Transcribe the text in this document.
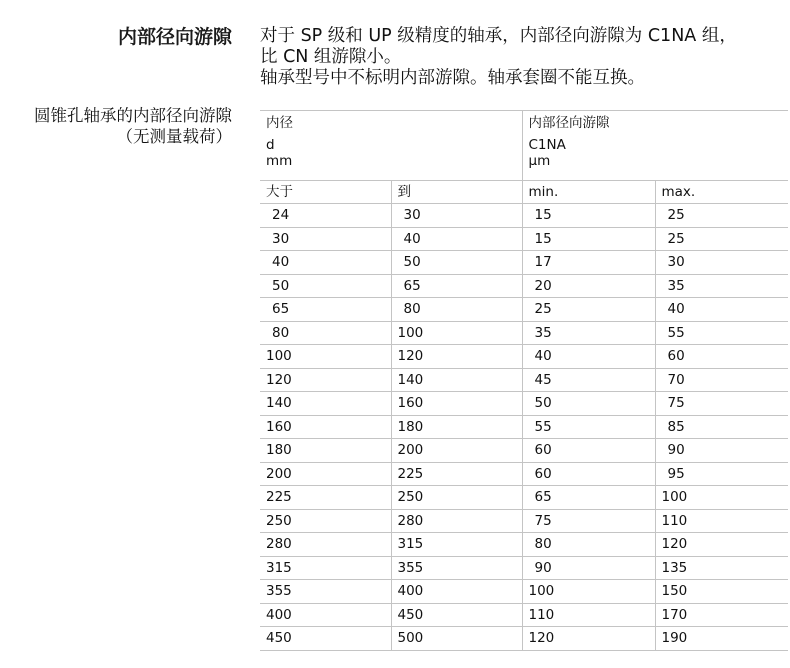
内部径向游隙 对于 SP 级和 UP 级精度的轴承，内部径向游隙为 C1NA 组，

比 CN 组游隙小。

轴承型号中不标明内部游隙。轴承套圈不能互换。

圆锥孔轴承的内部径向游隙
（无测量载荷）
内径
d
mm		内部径向游隙
C1NA
µm	

大于	到	min.	max.
24	30	15	25
30	40	15	25
40	50	17	30
50	65	20	35
65	80	25	40
80	100	35	55
100	120	40	60
120	140	45	70
140	160	50	75
160	180	55	85
180	200	60	90
200	225	60	95
225	250	65	100
250	280	75	110
280	315	80	120
315	355	90	135
355	400	100	150
400	450	110	170
450	500	120	190
